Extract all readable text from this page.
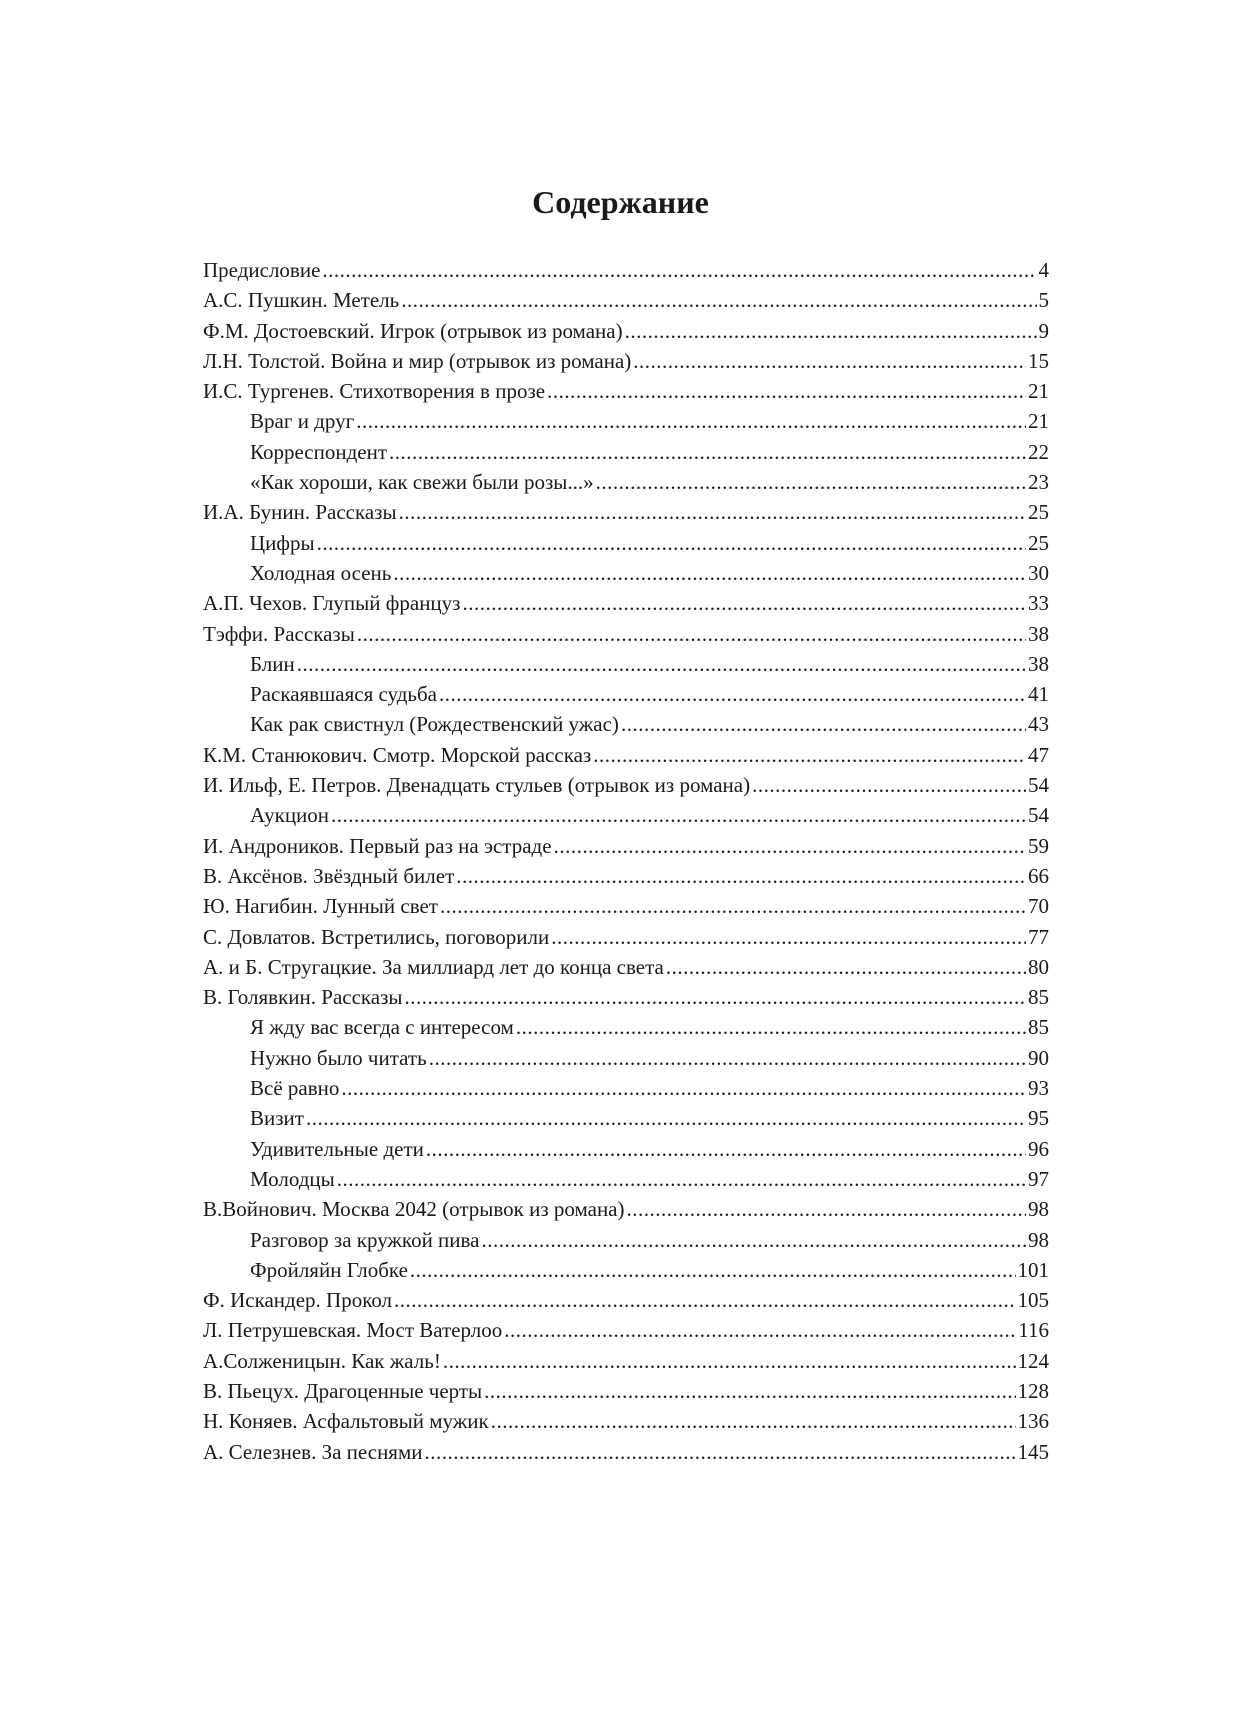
Содержание
Предисловие .....	4
А.С. Пушкин. Метель .....	5
Ф.М. Достоевский. Игрок (отрывок из романа) .....	9
Л.Н. Толстой. Война и мир (отрывок из романа) .....	15
И.С. Тургенев. Стихотворения в прозе .....	21
Враг и друг .....	21
Корреспондент .....	22
«Как хороши, как свежи были розы...» .....	23
И.А. Бунин. Рассказы .....	25
Цифры .....	25
Холодная осень .....	30
А.П. Чехов. Глупый француз .....	33
Тэффи. Рассказы .....	38
Блин .....	38
Раскаявшаяся судьба .....	41
Как рак свистнул (Рождественский ужас) .....	43
К.М. Станюкович. Смотр. Морской рассказ .....	47
И. Ильф, Е. Петров. Двенадцать стульев (отрывок из романа) .....	54
Аукцион .....	54
И. Андроников. Первый раз на эстраде .....	59
В. Аксёнов. Звёздный билет .....	66
Ю. Нагибин. Лунный свет .....	70
С. Довлатов. Встретились, поговорили .....	77
А. и Б. Стругацкие. За миллиард лет до конца света .....	80
В. Голявкин. Рассказы .....	85
Я жду вас всегда с интересом .....	85
Нужно было читать .....	90
Всё равно .....	93
Визит .....	95
Удивительные дети .....	96
Молодцы .....	97
В.Войнович. Москва 2042 (отрывок из романа) .....	98
Разговор за кружкой пива .....	98
Фройляйн Глобке .....	101
Ф. Искандер. Прокол .....	105
Л. Петрушевская. Мост Ватерлоо .....	116
А.Солженицын. Как жаль! .....	124
В. Пьецух. Драгоценные черты .....	128
Н. Коняев. Асфальтовый мужик .....	136
А. Селезнев. За песнями .....	145
